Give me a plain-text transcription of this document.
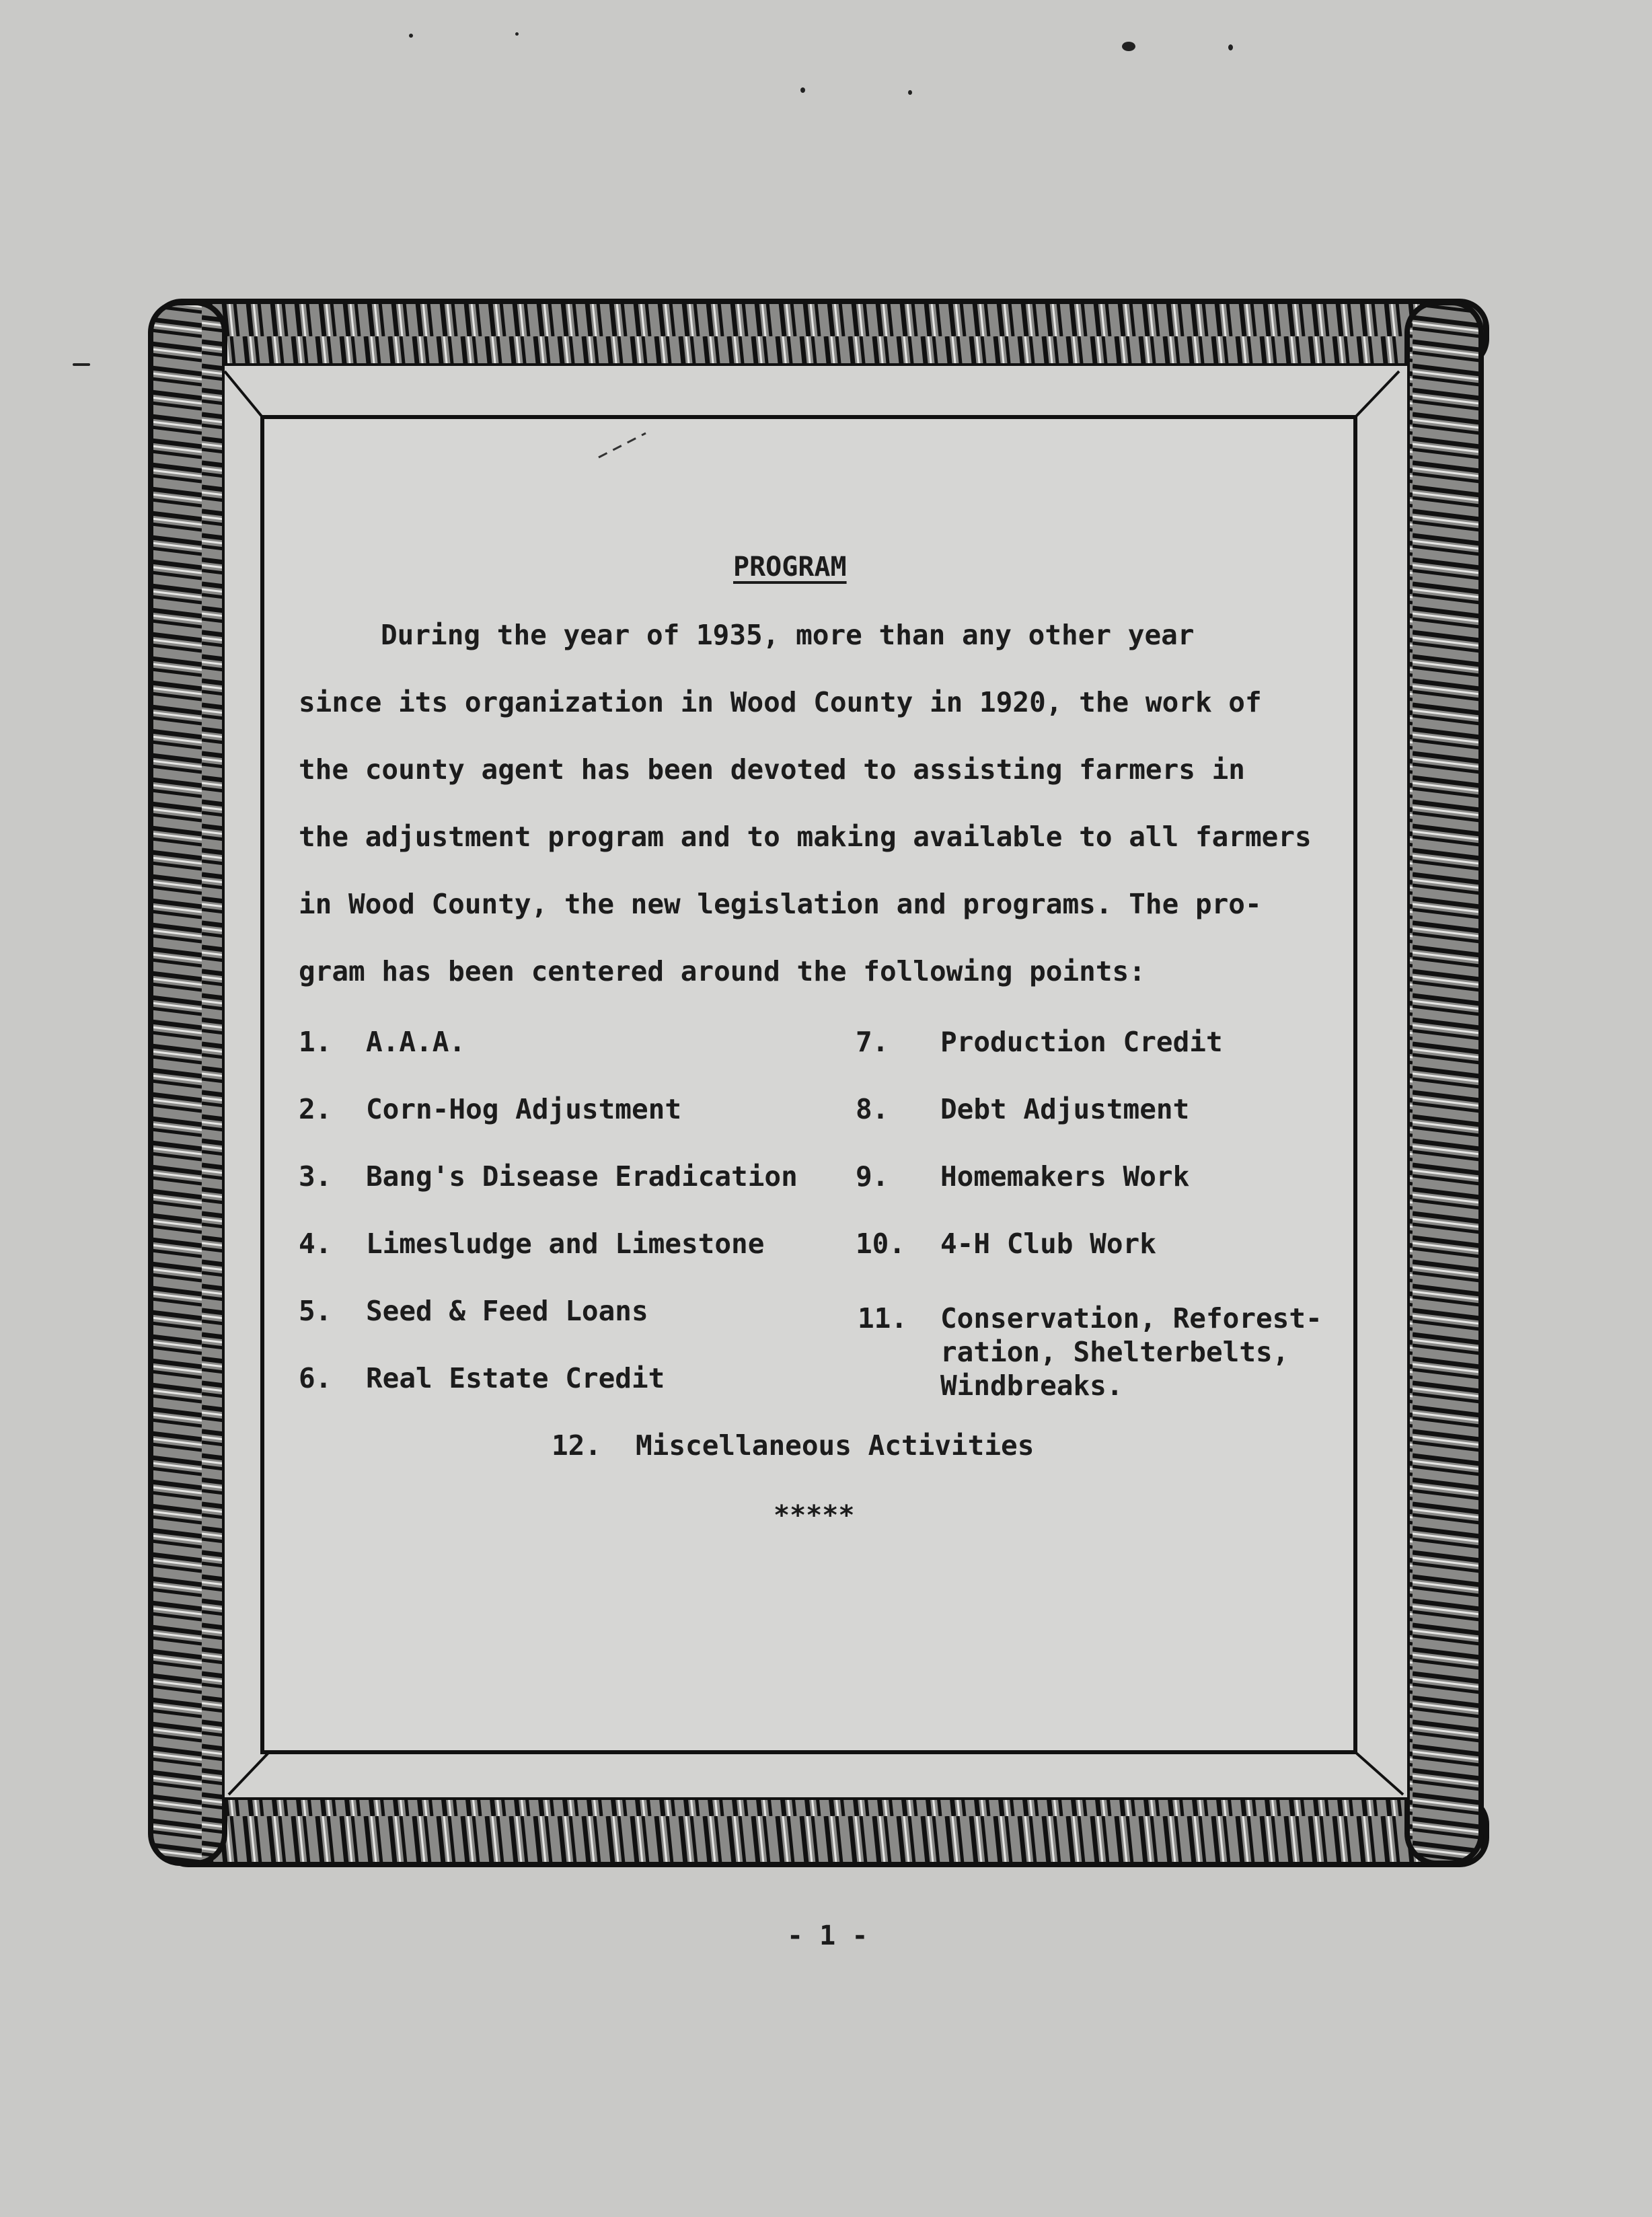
PROGRAM
During the year of 1935, more than any other year
since its organization in Wood County in 1920, the work of
the county agent has been devoted to assisting farmers in
the adjustment program and to making available to all farmers
in Wood County, the new legislation and programs. The pro-
gram has been centered around the following points:
1. A.A.A.
2. Corn-Hog Adjustment
3. Bang's Disease Eradication
4. Limesludge and Limestone
5. Seed & Feed Loans
6. Real Estate Credit
7. Production Credit
8. Debt Adjustment
9. Homemakers Work
10. 4-H Club Work
11. Conservation, Reforest-
ration, Shelterbelts,
Windbreaks.
12. Miscellaneous Activities
*****
- 1 -
